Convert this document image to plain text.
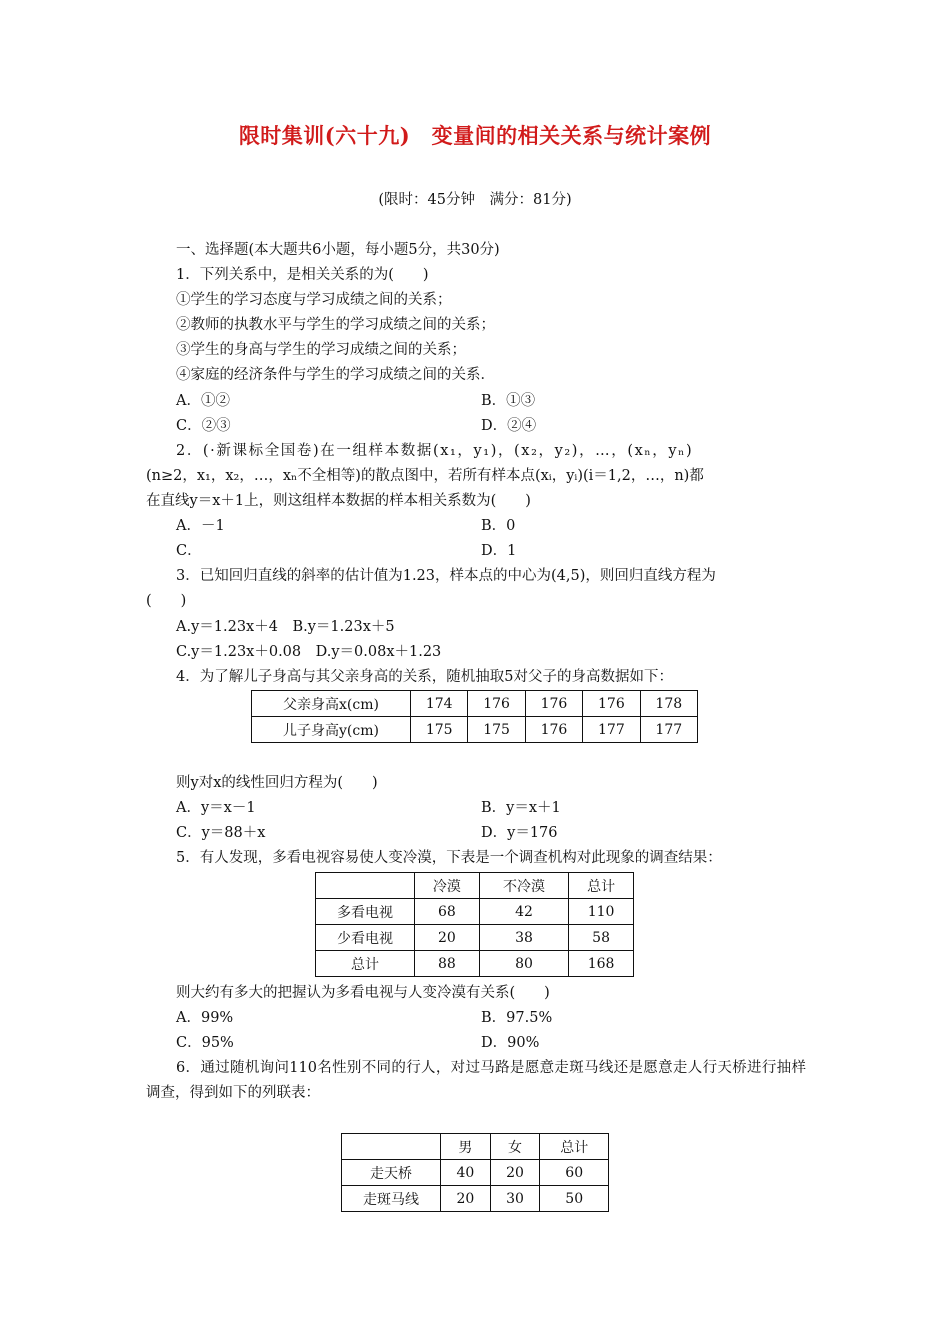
限时集训(六十九)　变量间的相关关系与统计案例
(限时：45分钟　满分：81分)
一、选择题(本大题共6小题，每小题5分，共30分)
1．下列关系中，是相关关系的为(　　)
①学生的学习态度与学习成绩之间的关系；
②教师的执教水平与学生的学习成绩之间的关系；
③学生的身高与学生的学习成绩之间的关系；
④家庭的经济条件与学生的学习成绩之间的关系．
A．①②	B．①③
C．②③	D．②④
2．(·新课标全国卷)在一组样本数据(x₁，y₁)，(x₂，y₂)，…，(xₙ，yₙ)
(n≥2，x₁，x₂，…，xₙ不全相等)的散点图中，若所有样本点(xᵢ，yᵢ)(i＝1,2，…，n)都
在直线y＝x＋1上，则这组样本数据的样本相关系数为(　　)
A．－1	B．0
C．	D．1
3．已知回归直线的斜率的估计值为1.23，样本点的中心为(4,5)，则回归直线方程为
(　　)
A.y＝1.23x＋4　B.y＝1.23x＋5
C.y＝1.23x＋0.08　D.y＝0.08x＋1.23
4．为了解儿子身高与其父亲身高的关系，随机抽取5对父子的身高数据如下：
父亲身高x(cm)	174	176	176	176	178
儿子身高y(cm)	175	175	176	177	177
则y对x的线性回归方程为(　　)
A．y＝x－1	B．y＝x＋1
C．y＝88＋x	D．y＝176
5．有人发现，多看电视容易使人变冷漠，下表是一个调查机构对此现象的调查结果：
	冷漠	不冷漠	总计
多看电视	68	42	110
少看电视	20	38	58
总计	88	80	168
则大约有多大的把握认为多看电视与人变冷漠有关系(　　)
A．99%	B．97.5%
C．95%	D．90%
6．通过随机询问110名性别不同的行人，对过马路是愿意走斑马线还是愿意走人行天桥进行抽样调查，得到如下的列联表：
	男	女	总计
走天桥	40	20	60
走斑马线	20	30	50
